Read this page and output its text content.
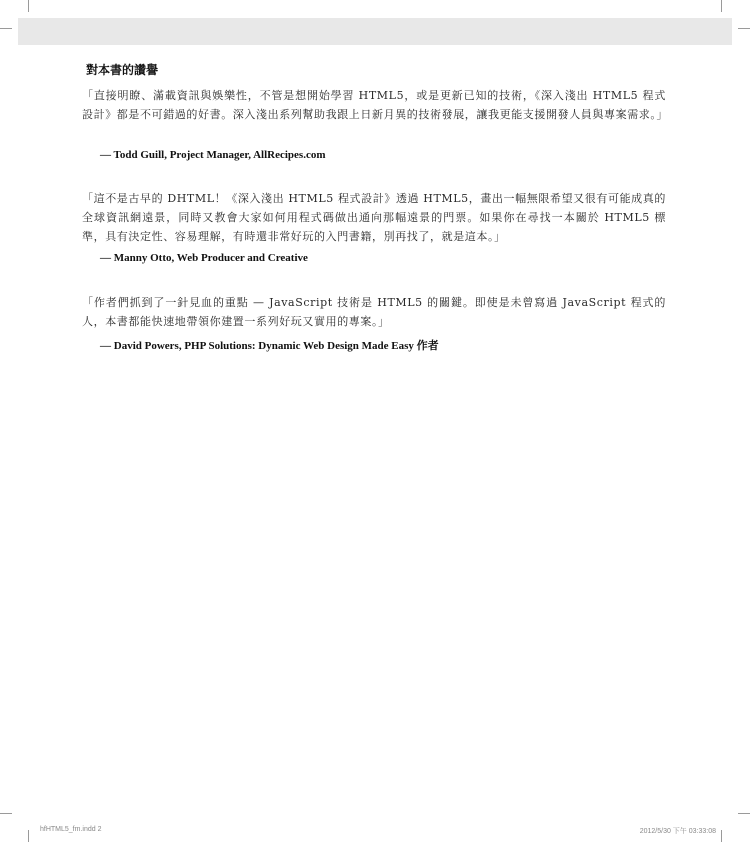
對本書的讚譽

「直接明瞭、滿載資訊與娛樂性，不管是想開始學習 HTML5，或是更新已知的技術，《深入淺出 HTML5 程式設計》都是不可錯過的好書。深入淺出系列幫助我跟上日新月異的技術發展，讓我更能支援開發人員與專案需求。」

— Todd Guill, Project Manager, AllRecipes.com

「這不是古早的 DHTML！《深入淺出 HTML5 程式設計》透過 HTML5，畫出一幅無限希望又很有可能成真的全球資訊網遠景，同時又教會大家如何用程式碼做出通向那幅遠景的門票。如果你在尋找一本關於 HTML5 標準，具有決定性、容易理解，有時還非常好玩的入門書籍，別再找了，就是這本。」

— Manny Otto, Web Producer and Creative

「作者們抓到了一針見血的重點 — JavaScript 技術是 HTML5 的關鍵。即使是未曾寫過 JavaScript 程式的人，本書都能快速地帶領你建置一系列好玩又實用的專案。」

— David Powers, PHP Solutions: Dynamic Web Design Made Easy 作者

hfHTML5_fm.indd 2	2012/5/30 下午 03:33:08
